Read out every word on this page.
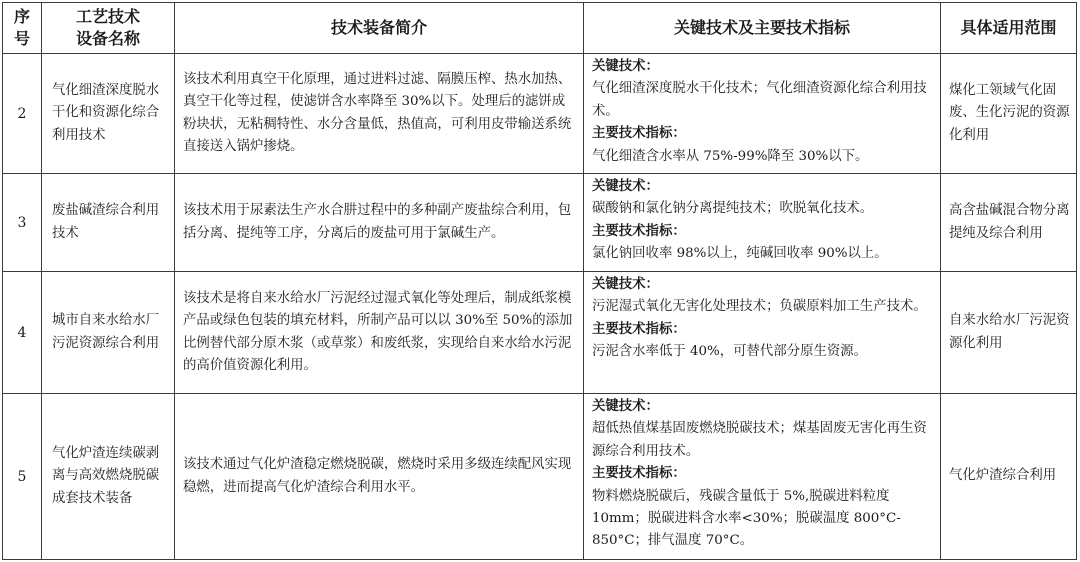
序
号	工艺技术
设备名称	技术装备简介	关键技术及主要技术指标	具体适用范围
2	气化细渣深度脱水干化和资源化综合利用技术	该技术利用真空干化原理，通过进料过滤、隔膜压榨、热水加热、真空干化等过程，使滤饼含水率降至 30%以下。处理后的滤饼成粉块状，无粘稠特性、水分含量低，热值高，可利用皮带输送系统直接送入锅炉掺烧。	关键技术：
气化细渣深度脱水干化技术；气化细渣资源化综合利用技术。
主要技术指标：
气化细渣含水率从 75%-99%降至 30%以下。	煤化工领域气化固废、生化污泥的资源化利用
3	废盐碱渣综合利用技术	该技术用于尿素法生产水合肼过程中的多种副产废盐综合利用，包括分离、提纯等工序，分离后的废盐可用于氯碱生产。	关键技术：
碳酸钠和氯化钠分离提纯技术；吹脱氧化技术。
主要技术指标：
氯化钠回收率 98%以上，纯碱回收率 90%以上。	高含盐碱混合物分离提纯及综合利用
4	城市自来水给水厂污泥资源综合利用	该技术是将自来水给水厂污泥经过湿式氧化等处理后，制成纸浆模产品或绿色包装的填充材料，所制产品可以以 30%至 50%的添加比例替代部分原木浆（或草浆）和废纸浆，实现给自来水给水污泥的高价值资源化利用。	关键技术：
污泥湿式氧化无害化处理技术；负碳原料加工生产技术。
主要技术指标：
污泥含水率低于 40%，可替代部分原生资源。	自来水给水厂污泥资源化利用
5	气化炉渣连续碳剥离与高效燃烧脱碳成套技术装备	该技术通过气化炉渣稳定燃烧脱碳，燃烧时采用多级连续配风实现稳燃，进而提高气化炉渣综合利用水平。	关键技术：
超低热值煤基固废燃烧脱碳技术；煤基固废无害化再生资源综合利用技术。
主要技术指标：
物料燃烧脱碳后，残碳含量低于 5%,脱碳进料粒度 10mm；脱碳进料含水率<30%；脱碳温度 800°C-850°C；排气温度 70°C。	气化炉渣综合利用
